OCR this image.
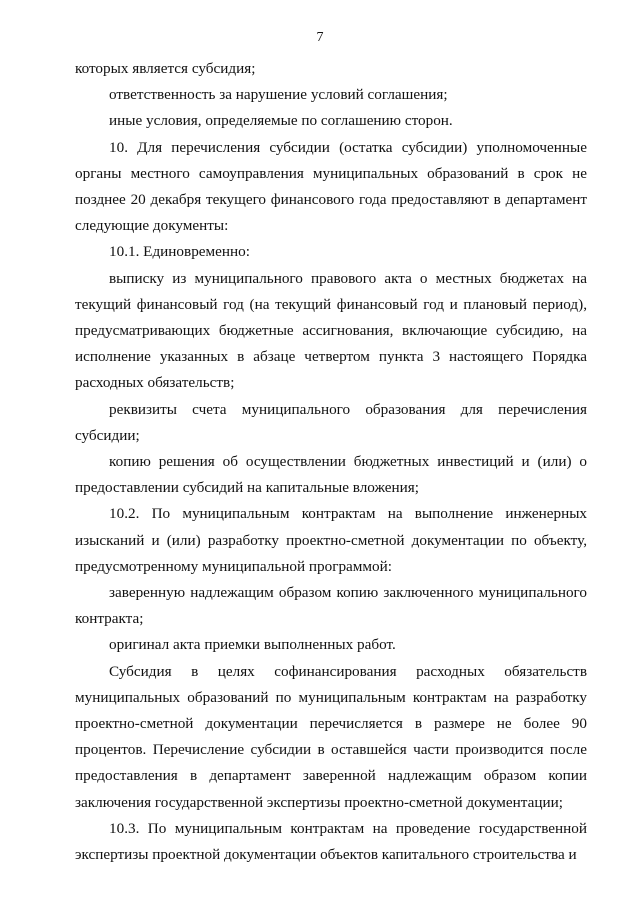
7

которых является субсидия;

ответственность за нарушение условий соглашения;

иные условия, определяемые по соглашению сторон.

10. Для перечисления субсидии (остатка субсидии) уполномоченные органы местного самоуправления муниципальных образований в срок не позднее 20 декабря текущего финансового года предоставляют в департамент следующие документы:

10.1. Единовременно:

выписку из муниципального правового акта о местных бюджетах на текущий финансовый год (на текущий финансовый год и плановый период), предусматривающих бюджетные ассигнования, включающие субсидию, на исполнение указанных в абзаце четвертом пункта 3 настоящего Порядка расходных обязательств;

реквизиты счета муниципального образования для перечисления субсидии;

копию решения об осуществлении бюджетных инвестиций и (или) о предоставлении субсидий на капитальные вложения;

10.2. По муниципальным контрактам на выполнение инженерных изысканий и (или) разработку проектно-сметной документации по объекту, предусмотренному муниципальной программой:

заверенную надлежащим образом копию заключенного муниципального контракта;

оригинал акта приемки выполненных работ.

Субсидия в целях софинансирования расходных обязательств муниципальных образований по муниципальным контрактам на разработку проектно-сметной документации перечисляется в размере не более 90 процентов. Перечисление субсидии в оставшейся части производится после предоставления в департамент заверенной надлежащим образом копии заключения государственной экспертизы проектно-сметной документации;

10.3. По муниципальным контрактам на проведение государственной экспертизы проектной документации объектов капитального строительства и
